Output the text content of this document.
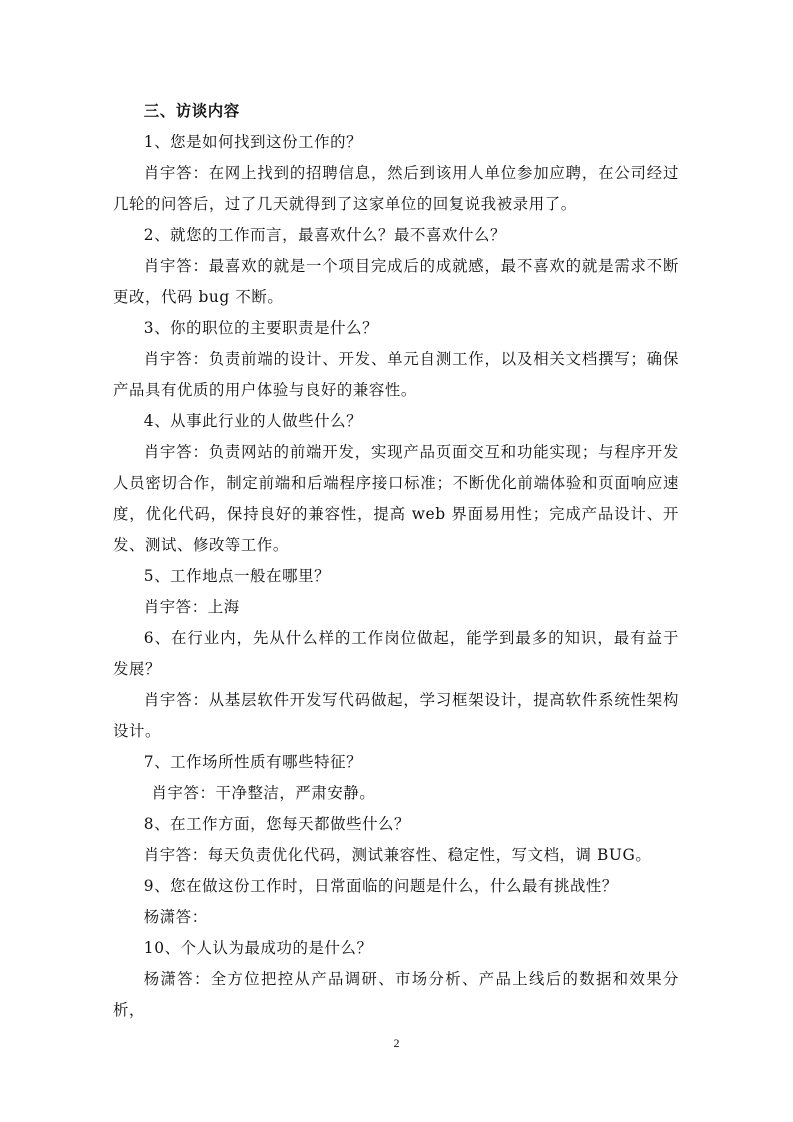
三、访谈内容

1、您是如何找到这份工作的？

肖宇答：在网上找到的招聘信息，然后到该用人单位参加应聘，在公司经过几轮的问答后，过了几天就得到了这家单位的回复说我被录用了。

2、就您的工作而言，最喜欢什么？最不喜欢什么？

肖宇答：最喜欢的就是一个项目完成后的成就感，最不喜欢的就是需求不断更改，代码 bug 不断。

3、你的职位的主要职责是什么？

肖宇答：负责前端的设计、开发、单元自测工作，以及相关文档撰写；确保产品具有优质的用户体验与良好的兼容性。

4、从事此行业的人做些什么？

肖宇答：负责网站的前端开发，实现产品页面交互和功能实现；与程序开发人员密切合作，制定前端和后端程序接口标准；不断优化前端体验和页面响应速度，优化代码，保持良好的兼容性，提高 web 界面易用性；完成产品设计、开发、测试、修改等工作。

5、工作地点一般在哪里？

肖宇答：上海

6、在行业内，先从什么样的工作岗位做起，能学到最多的知识，最有益于发展？

肖宇答：从基层软件开发写代码做起，学习框架设计，提高软件系统性架构设计。

7、工作场所性质有哪些特征？

肖宇答：干净整洁，严肃安静。

8、在工作方面，您每天都做些什么？

肖宇答：每天负责优化代码，测试兼容性、稳定性，写文档，调 BUG。

9、您在做这份工作时，日常面临的问题是什么，什么最有挑战性？

杨潇答：

10、个人认为最成功的是什么？

杨潇答：全方位把控从产品调研、市场分析、产品上线后的数据和效果分析，

2
